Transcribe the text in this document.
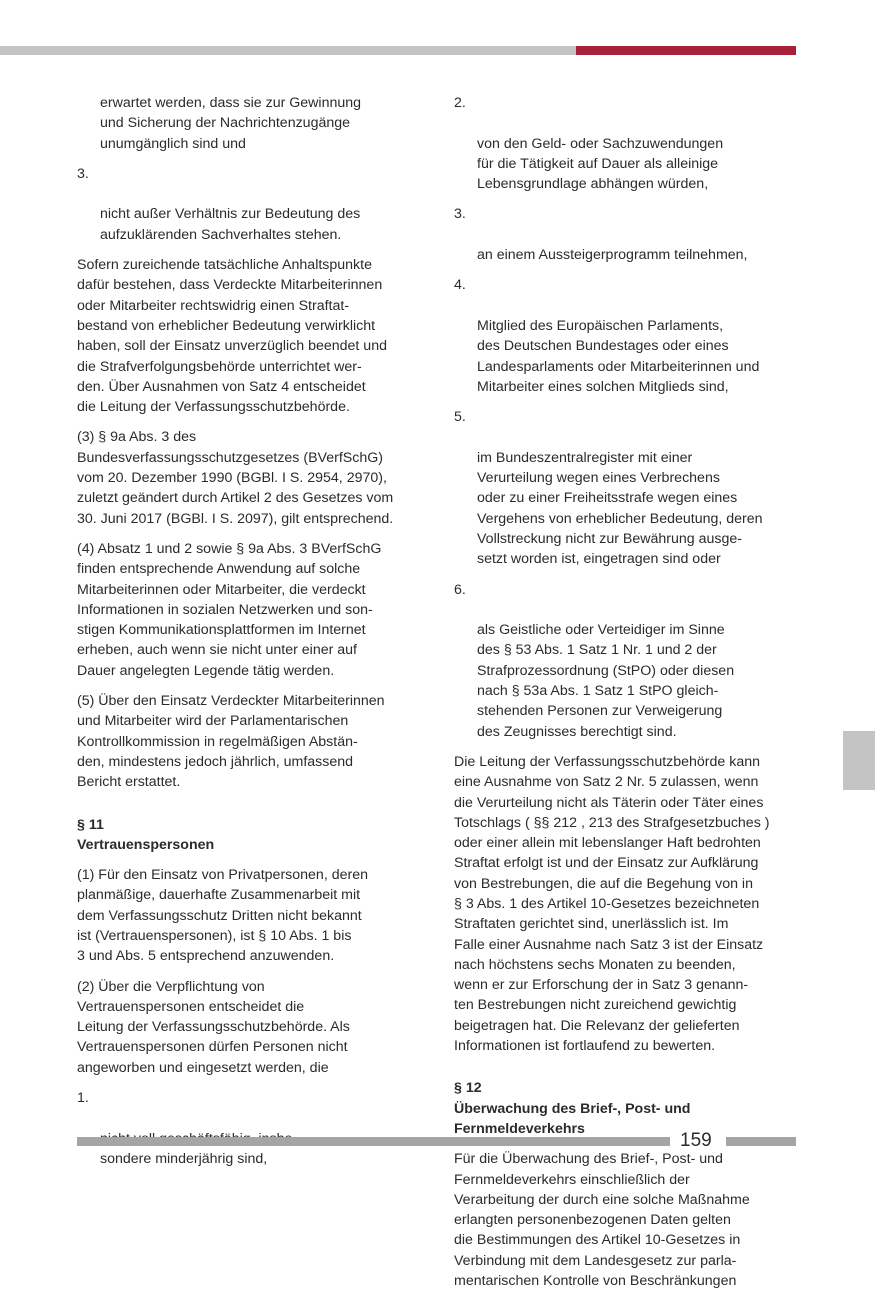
erwartet werden, dass sie zur Gewinnung
und Sicherung der Nachrichtenzugänge
unumgänglich sind und

3.

nicht außer Verhältnis zur Bedeutung des
aufzuklärenden Sachverhaltes stehen.

Sofern zureichende tatsächliche Anhaltspunkte
dafür bestehen, dass Verdeckte Mitarbeiterinnen
oder Mitarbeiter rechtswidrig einen Straftat-
bestand von erheblicher Bedeutung verwirklicht
haben, soll der Einsatz unverzüglich beendet und
die Strafverfolgungsbehörde unterrichtet wer-
den. Über Ausnahmen von Satz 4 entscheidet
die Leitung der Verfassungsschutzbehörde.

(3) § 9a Abs. 3 des
Bundesverfassungsschutzgesetzes (BVerfSchG)
vom 20. Dezember 1990 (BGBl. I S. 2954, 2970),
zuletzt geändert durch Artikel 2 des Gesetzes vom
30. Juni 2017 (BGBl. I S. 2097), gilt entsprechend.

(4) Absatz 1 und 2 sowie § 9a Abs. 3 BVerfSchG
finden entsprechende Anwendung auf solche
Mitarbeiterinnen oder Mitarbeiter, die verdeckt
Informationen in sozialen Netzwerken und son-
stigen Kommunikationsplattformen im Internet
erheben, auch wenn sie nicht unter einer auf
Dauer angelegten Legende tätig werden.

(5) Über den Einsatz Verdeckter Mitarbeiterinnen
und Mitarbeiter wird der Parlamentarischen
Kontrollkommission in regelmäßigen Abstän-
den, mindestens jedoch jährlich, umfassend
Bericht erstattet.

§ 11
Vertrauenspersonen

(1) Für den Einsatz von Privatpersonen, deren
planmäßige, dauerhafte Zusammenarbeit mit
dem Verfassungsschutz Dritten nicht bekannt
ist (Vertrauenspersonen), ist § 10 Abs. 1 bis
3 und Abs. 5 entsprechend anzuwenden.

(2) Über die Verpflichtung von
Vertrauenspersonen entscheidet die
Leitung der Verfassungsschutzbehörde. Als
Vertrauenspersonen dürfen Personen nicht
angeworben und eingesetzt werden, die

1.

sondere minderjährig sind,

2.

von den Geld- oder Sachzuwendungen
für die Tätigkeit auf Dauer als alleinige
Lebensgrundlage abhängen würden,

3.

an einem Aussteigerprogramm teilnehmen,

4.

Mitglied des Europäischen Parlaments,
des Deutschen Bundestages oder eines
Landesparlaments oder Mitarbeiterinnen und
Mitarbeiter eines solchen Mitglieds sind,

5.

im Bundeszentralregister mit einer
Verurteilung wegen eines Verbrechens
oder zu einer Freiheitsstrafe wegen eines
Vergehens von erheblicher Bedeutung, deren
Vollstreckung nicht zur Bewährung ausge-
setzt worden ist, eingetragen sind oder

6.

als Geistliche oder Verteidiger im Sinne
des § 53 Abs. 1 Satz 1 Nr. 1 und 2 der
Strafprozessordnung (StPO) oder diesen
nach § 53a Abs. 1 Satz 1 StPO gleich-
stehenden Personen zur Verweigerung
des Zeugnisses berechtigt sind.

Die Leitung der Verfassungsschutzbehörde kann
eine Ausnahme von Satz 2 Nr. 5 zulassen, wenn
die Verurteilung nicht als Täterin oder Täter eines
Totschlags ( §§ 212 , 213 des Strafgesetzbuches )
oder einer allein mit lebenslanger Haft bedrohten
Straftat erfolgt ist und der Einsatz zur Aufklärung
von Bestrebungen, die auf die Begehung von in
§ 3 Abs. 1 des Artikel 10-Gesetzes bezeichneten
Straftaten gerichtet sind, unerlässlich ist. Im
Falle einer Ausnahme nach Satz 3 ist der Einsatz
nach höchstens sechs Monaten zu beenden,
wenn er zur Erforschung der in Satz 3 genann-
ten Bestrebungen nicht zureichend gewichtig
beigetragen hat. Die Relevanz der gelieferten
Informationen ist fortlaufend zu bewerten.

§ 12
Überwachung des Brief-, Post- und
Fernmeldeverkehrs

Für die Überwachung des Brief-, Post- und
Fernmeldeverkehrs einschließlich der
Verarbeitung der durch eine solche Maßnahme
erlangten personenbezogenen Daten gelten
die Bestimmungen des Artikel 10-Gesetzes in
Verbindung mit dem Landesgesetz zur parla-
mentarischen Kontrolle von Beschränkungen

159
